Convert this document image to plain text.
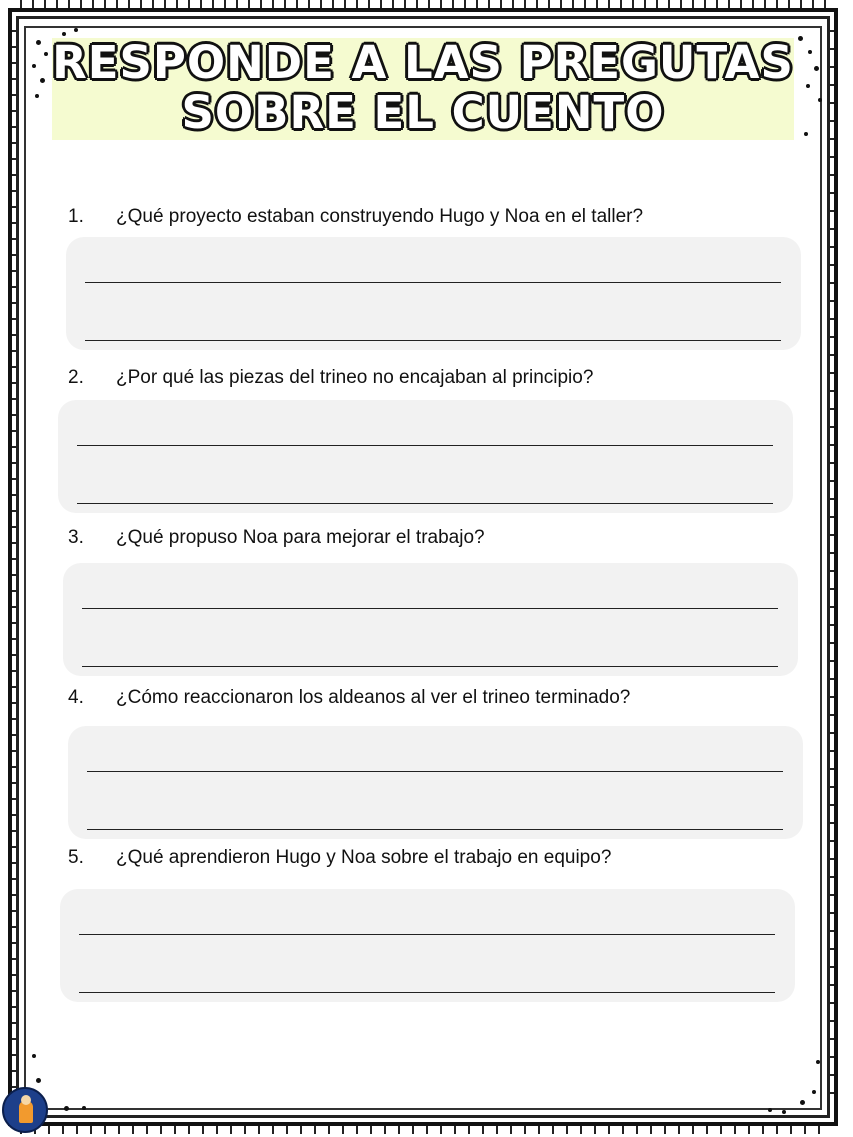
RESPONDE A LAS PREGUTAS
SOBRE EL CUENTO
1. ¿Qué proyecto estaban construyendo Hugo y Noa en el taller?
2. ¿Por qué las piezas del trineo no encajaban al principio?
3. ¿Qué propuso Noa para mejorar el trabajo?
4. ¿Cómo reaccionaron los aldeanos al ver el trineo terminado?
5. ¿Qué aprendieron Hugo y Noa sobre el trabajo en equipo?
